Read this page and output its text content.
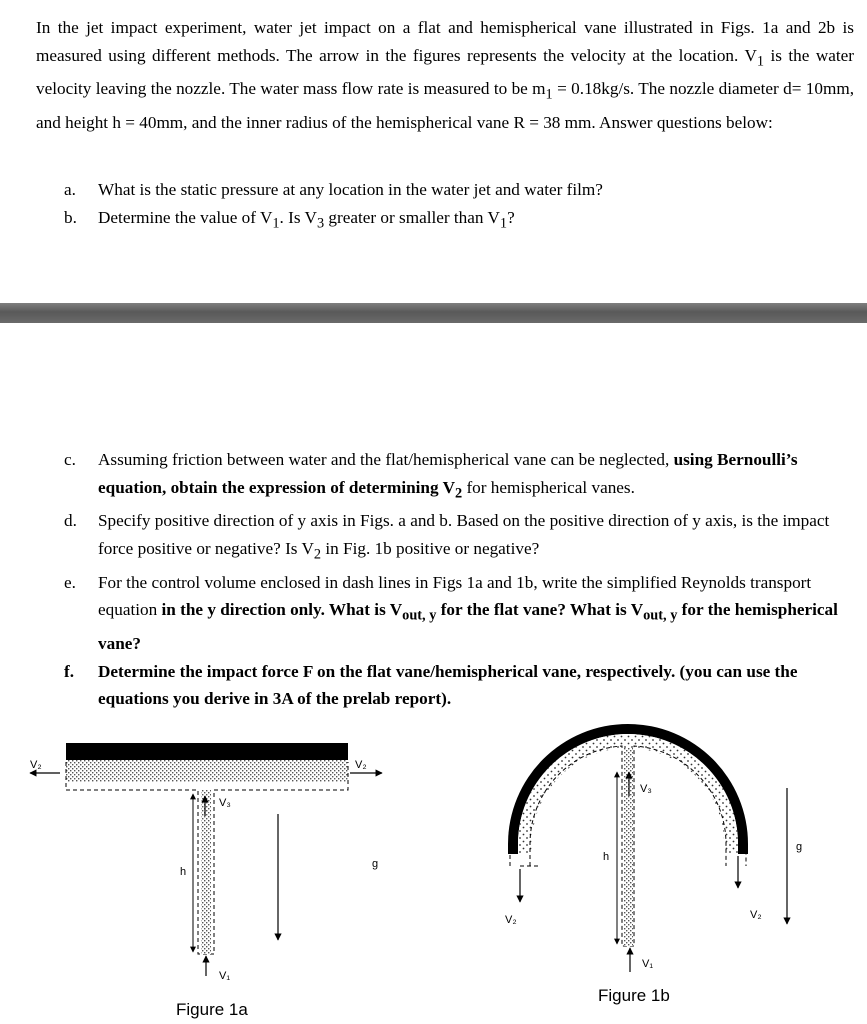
In the jet impact experiment, water jet impact on a flat and hemispherical vane illustrated in Figs. 1a and 2b is measured using different methods. The arrow in the figures represents the velocity at the location. $V_1$ is the water velocity leaving the nozzle. The water mass flow rate is measured to be $m_1 = 0.18kg/s$. The nozzle diameter d= 10mm, and height h = 40mm, and the inner radius of the hemispherical vane R = 38 mm. Answer questions below:

a.	What is the static pressure at any location in the water jet and water film?
b.	Determine the value of $V_1$. Is $V_3$ greater or smaller than $V_1$?
c.	Assuming friction between water and the flat/hemispherical vane can be neglected, using Bernoulli’s equation, obtain the expression of determining $V_2$ for hemispherical vanes.
d.	Specify positive direction of y axis in Figs. a and b. Based on the positive direction of y axis, is the impact force positive or negative? Is $V_2$ in Fig. 1b positive or negative?
e.	For the control volume enclosed in dash lines in Figs 1a and 1b, write the simplified Reynolds transport equation in the y direction only. What is $V_{out, y}$ for the flat vane? What is $V_{out, y}$ for the hemispherical vane?
f.	Determine the impact force F on the flat vane/hemispherical vane, respectively. (you can use the equations you derive in 3A of the prelab report).
V₂	V₂
V₃
h
V₁
g
Figure 1a
V₃
h
V₁
V₂	V₂
g
Figure 1b
